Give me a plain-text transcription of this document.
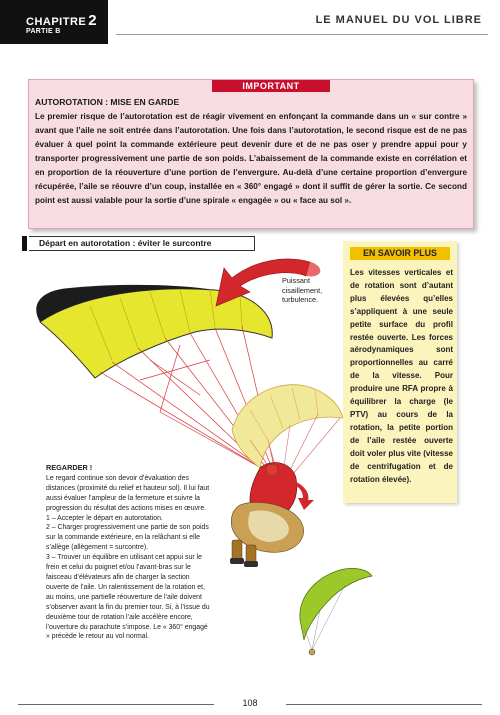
CHAPITRE 2
PARTIE B
LE MANUEL DU VOL LIBRE
IMPORTANT
AUTOROTATION : MISE EN GARDE
Le premier risque de l’autorotation est de réagir vivement en enfonçant la commande dans un « sur contre » avant que l’aile ne soit entrée dans l’autorotation. Une fois dans l’autorotation, le second risque est de ne pas évaluer à quel point la commande extérieure peut devenir dure et de ne pas oser y prendre appui pour y transporter progressivement une partie de son poids. L’abaissement de la commande existe en corrélation et en proportion de la réouverture d’une portion de l’envergure. Au-delà d’une certaine proportion d’envergure récupérée, l’aile se réouvre d’un coup, installée en « 360° engagé » dont il suffit de gérer la sortie. Ce second point est aussi valable pour la sortie d’une spirale « engagée » ou « face au sol ».
Départ en autorotation : éviter le surcontre
Puissant cisaillement, turbulence.
EN SAVOIR PLUS
Les vitesses verticales et de rotation sont d’autant plus élevées qu’elles s’appliquent à une seule petite surface du profil restée ouverte. Les forces aérodynamiques sont proportionnelles au carré de la vitesse. Pour produire une RFA propre à équilibrer la charge (le PTV) au cours de la rotation, la petite portion de l’aile restée ouverte doit voler plus vite (vitesse de centrifugation et de rotation élevée).
REGARDER !

Le regard continue son devoir d’évaluation des distances (proximité du relief et hauteur sol). Il lui faut aussi évaluer l’ampleur de la fermeture et suivre la progression du résultat des actions mises en œuvre.

1 – Accepter le départ en autorotation.

2 – Charger progressivement une partie de son poids sur la commande extérieure, en la relâchant si elle s’allège (allègement = surcontre).

3 – Trouver un équilibre en utilisant cet appui sur le frein et celui du poignet et/ou l’avant-bras sur le faisceau d’élévateurs afin de charger la section ouverte de l’aile. Un ralentissement de la rotation et, au moins, une partielle réouverture de l’aile doivent s’observer avant la fin du premier tour. Si, à l’issue du deuxième tour de rotation l’aile accélère encore, l’ouverture du parachute s’impose. Le « 360° engagé » précède le retour au vol normal.

108
